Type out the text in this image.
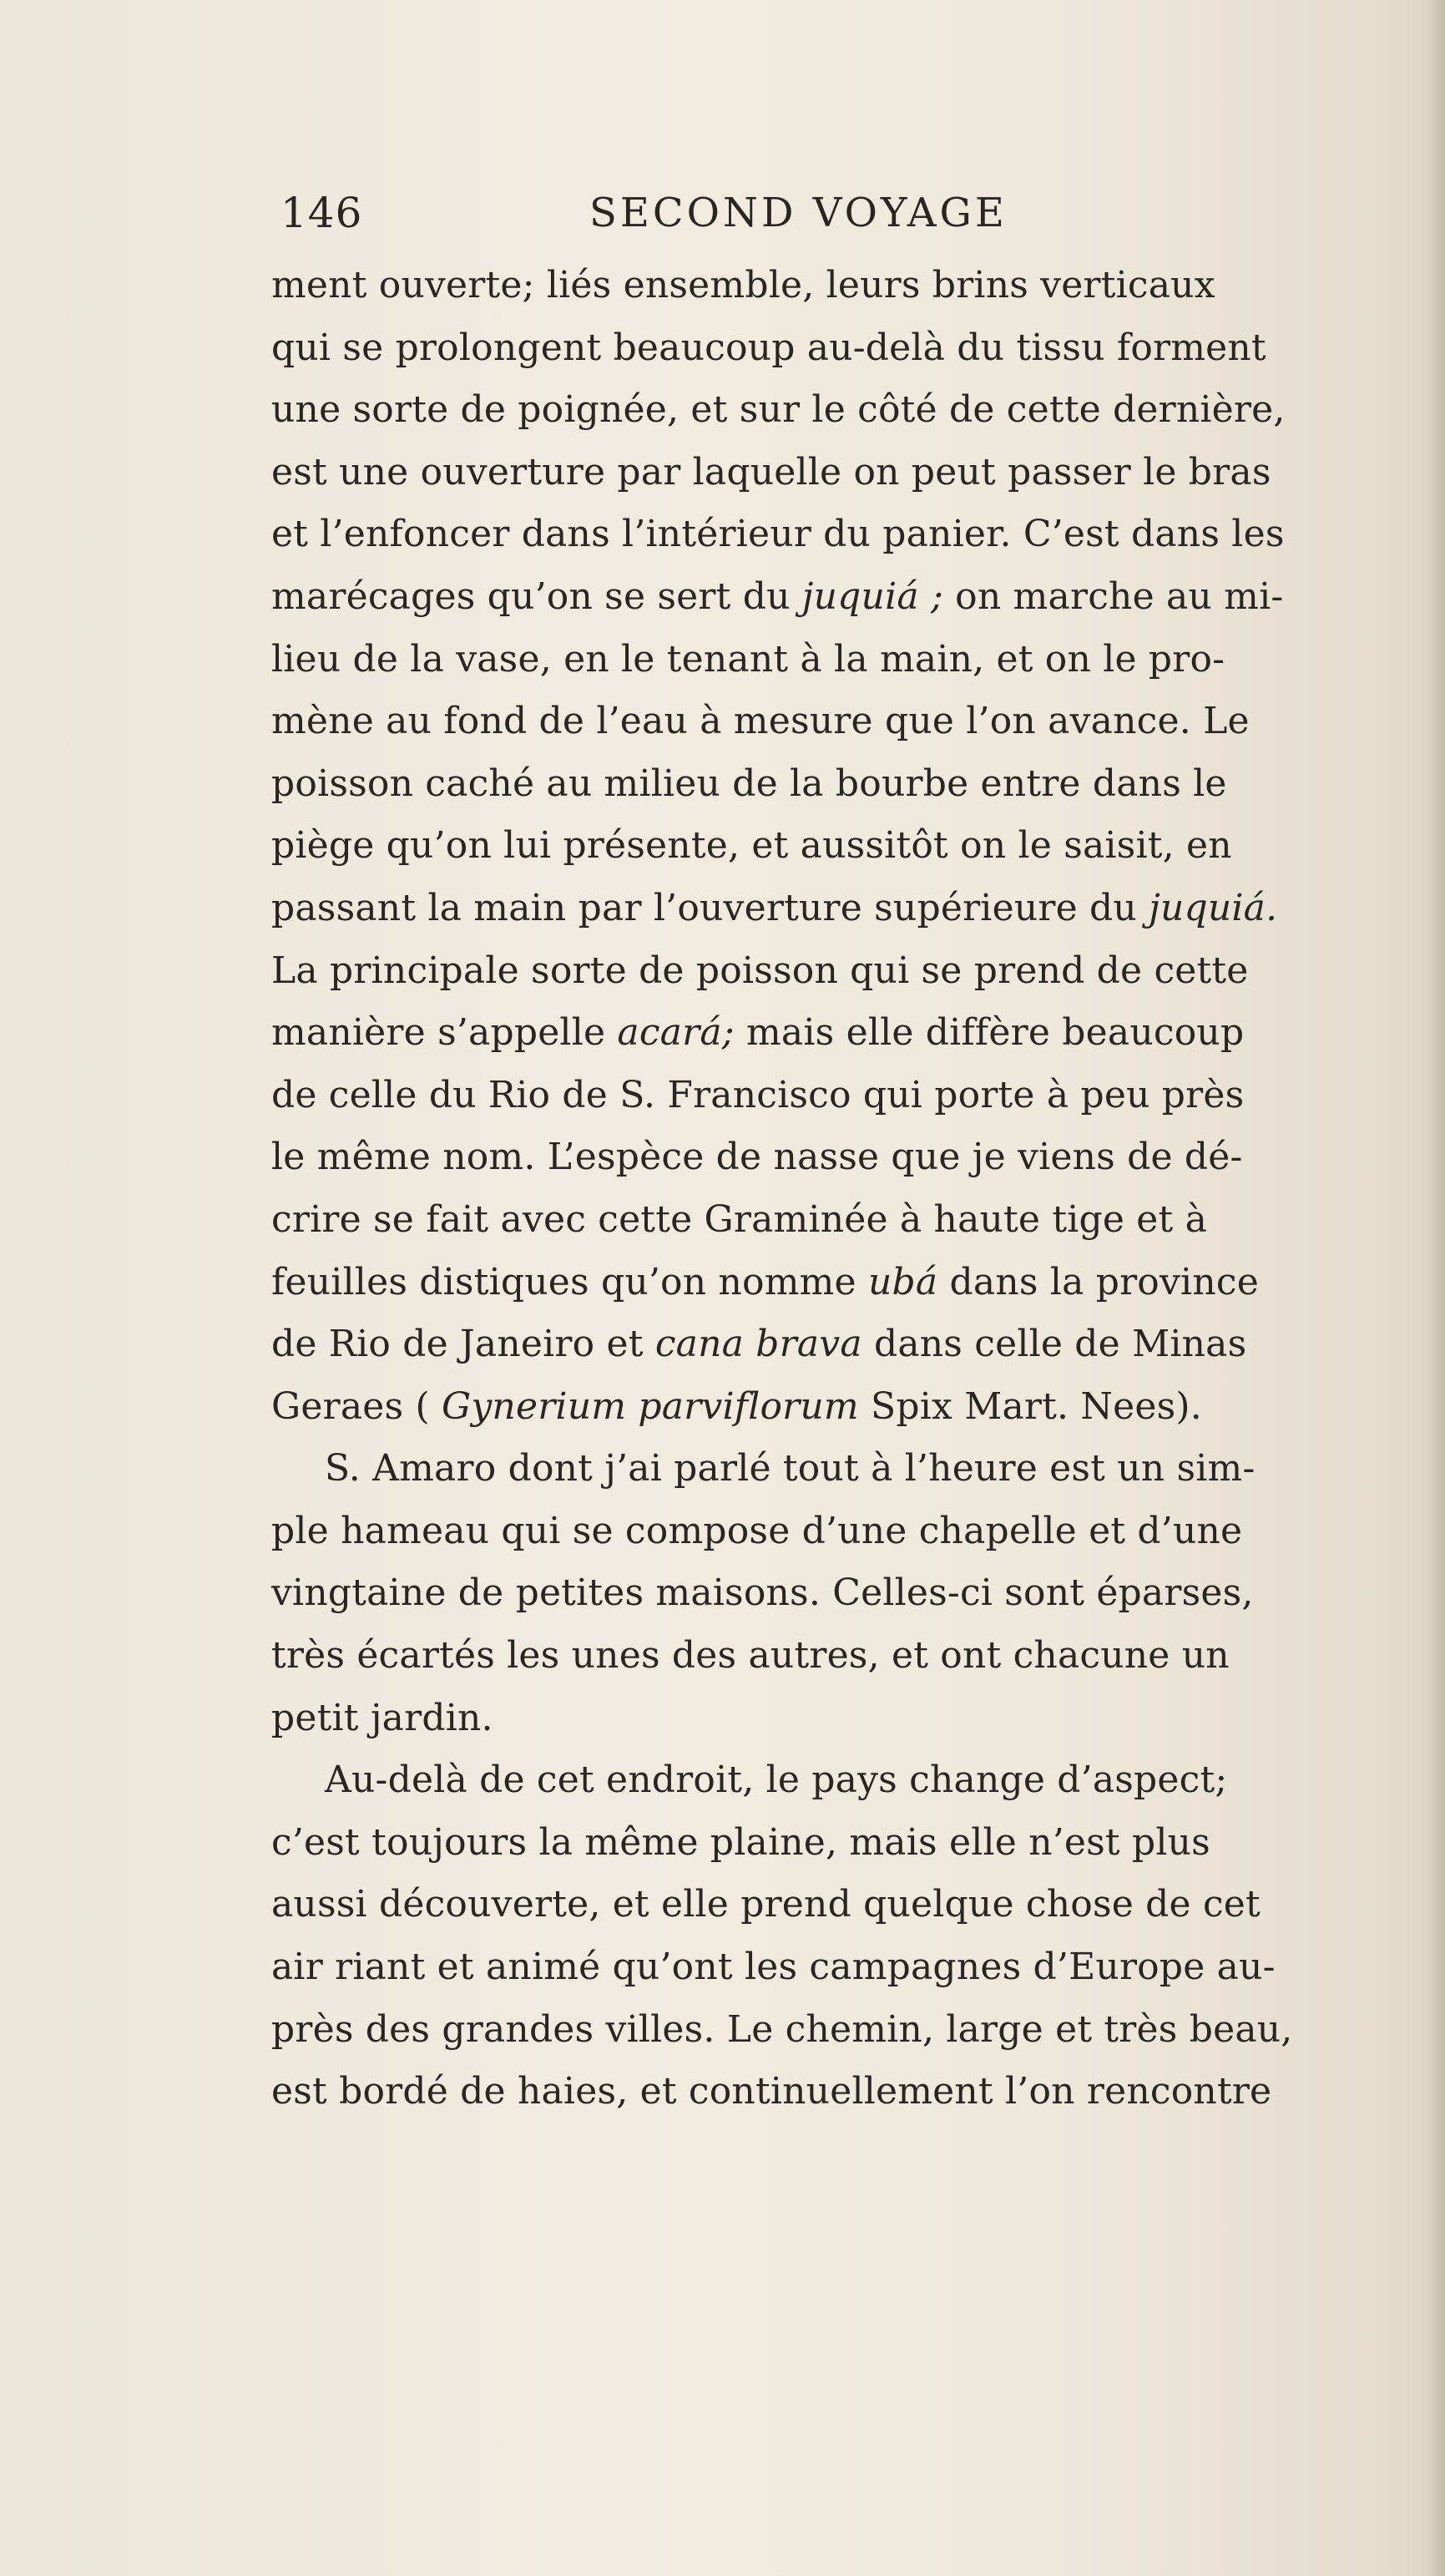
146	SECOND VOYAGE
ment ouverte; liés ensemble, leurs brins verticaux
qui se prolongent beaucoup au-delà du tissu forment
une sorte de poignée, et sur le côté de cette dernière,
est une ouverture par laquelle on peut passer le bras
et l’enfoncer dans l’intérieur du panier. C’est dans les
marécages qu’on se sert du juquiá ; on marche au mi-
lieu de la vase, en le tenant à la main, et on le pro-
mène au fond de l’eau à mesure que l’on avance. Le
poisson caché au milieu de la bourbe entre dans le
piège qu’on lui présente, et aussitôt on le saisit, en
passant la main par l’ouverture supérieure du juquiá.
La principale sorte de poisson qui se prend de cette
manière s’appelle acará; mais elle diffère beaucoup
de celle du Rio de S. Francisco qui porte à peu près
le même nom. L’espèce de nasse que je viens de dé-
crire se fait avec cette Graminée à haute tige et à
feuilles distiques qu’on nomme ubá dans la province
de Rio de Janeiro et cana brava dans celle de Minas
Geraes ( Gynerium parviflorum Spix Mart. Nees).
S. Amaro dont j’ai parlé tout à l’heure est un sim-
ple hameau qui se compose d’une chapelle et d’une
vingtaine de petites maisons. Celles-ci sont éparses,
très écartés les unes des autres, et ont chacune un
petit jardin.
Au-delà de cet endroit, le pays change d’aspect;
c’est toujours la même plaine, mais elle n’est plus
aussi découverte, et elle prend quelque chose de cet
air riant et animé qu’ont les campagnes d’Europe au-
près des grandes villes. Le chemin, large et très beau,
est bordé de haies, et continuellement l’on rencontre
